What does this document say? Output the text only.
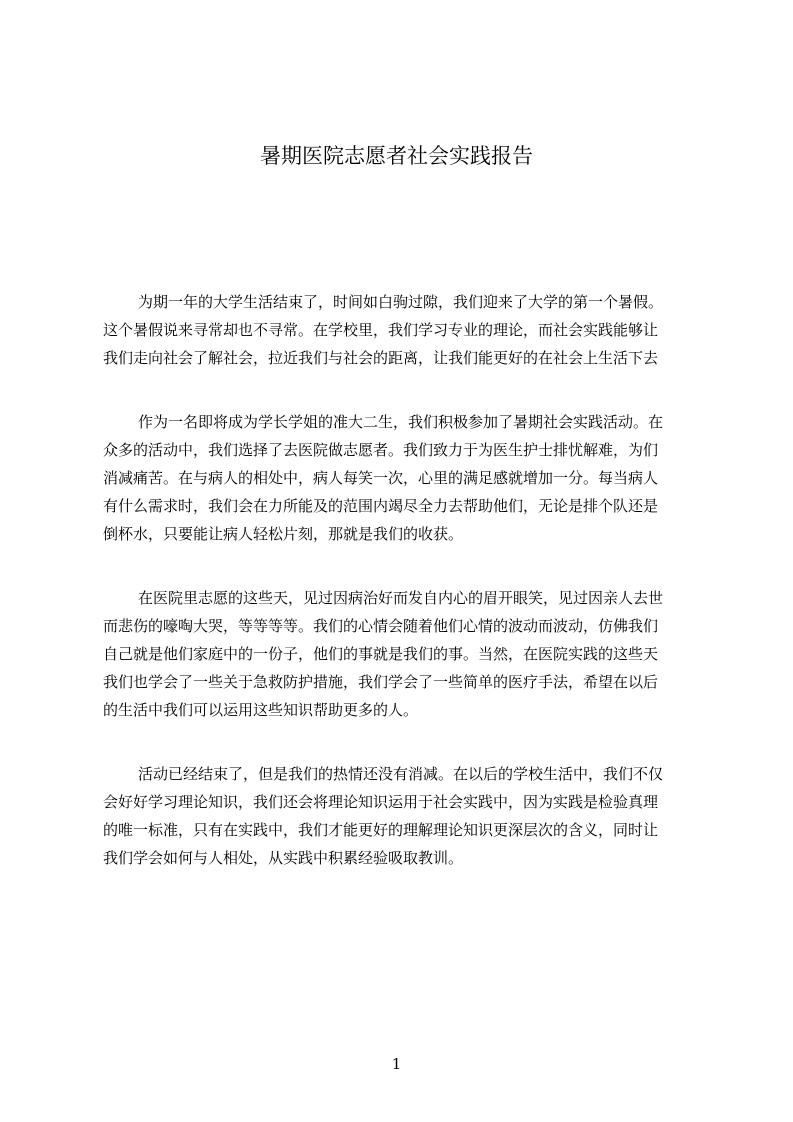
暑期医院志愿者社会实践报告

为期一年的大学生活结束了，时间如白驹过隙，我们迎来了大学的第一个暑假。
这个暑假说来寻常却也不寻常。在学校里，我们学习专业的理论，而社会实践能够让
我们走向社会了解社会，拉近我们与社会的距离，让我们能更好的在社会上生活下去

作为一名即将成为学长学姐的准大二生，我们积极参加了暑期社会实践活动。在
众多的活动中，我们选择了去医院做志愿者。我们致力于为医生护士排忧解难，为们
消减痛苦。在与病人的相处中，病人每笑一次，心里的满足感就增加一分。每当病人
有什么需求时，我们会在力所能及的范围内竭尽全力去帮助他们，无论是排个队还是
倒杯水，只要能让病人轻松片刻，那就是我们的收获。

在医院里志愿的这些天，见过因病治好而发自内心的眉开眼笑，见过因亲人去世
而悲伤的嚎啕大哭，等等等等。我们的心情会随着他们心情的波动而波动，仿佛我们
自己就是他们家庭中的一份子，他们的事就是我们的事。当然，在医院实践的这些天
我们也学会了一些关于急救防护措施，我们学会了一些简单的医疗手法，希望在以后
的生活中我们可以运用这些知识帮助更多的人。

活动已经结束了，但是我们的热情还没有消减。在以后的学校生活中，我们不仅
会好好学习理论知识，我们还会将理论知识运用于社会实践中，因为实践是检验真理
的唯一标准，只有在实践中，我们才能更好的理解理论知识更深层次的含义，同时让
我们学会如何与人相处，从实践中积累经验吸取教训。

1
